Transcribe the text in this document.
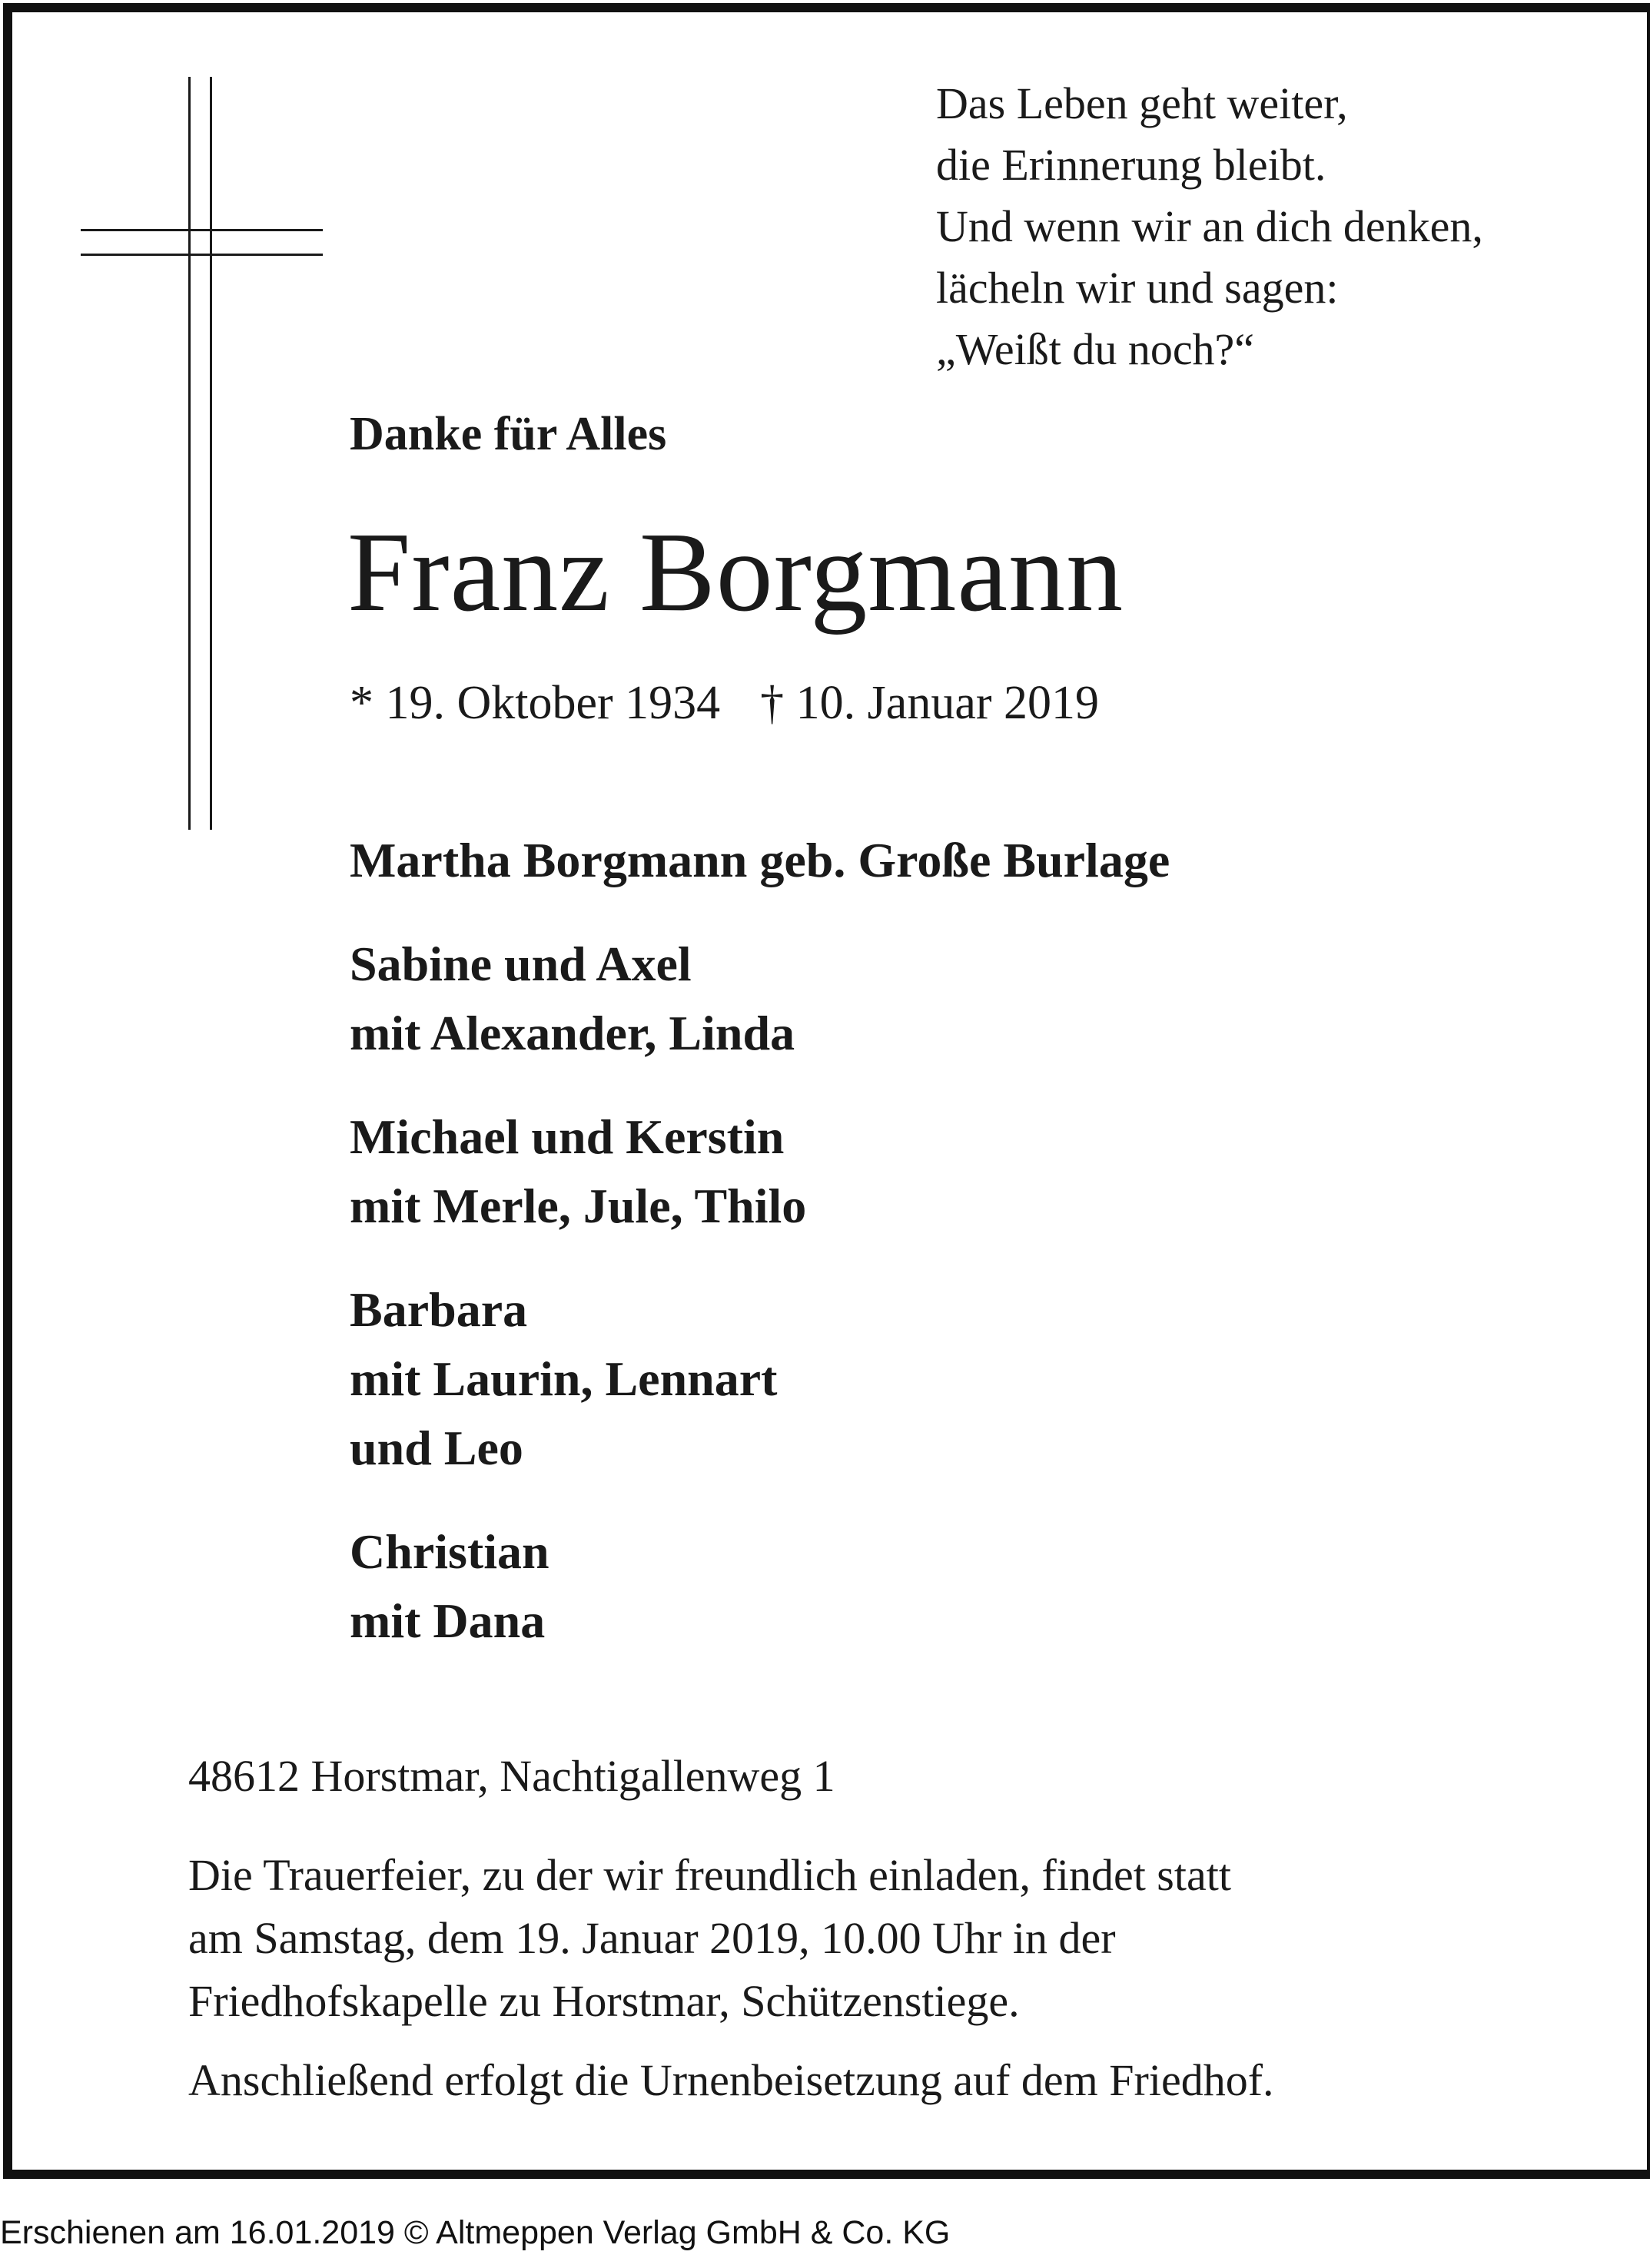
Das Leben geht weiter,
die Erinnerung bleibt.
Und wenn wir an dich denken,
lächeln wir und sagen:
„Weißt du noch?“
Danke für Alles
Franz Borgmann
* 19. Oktober 1934 † 10. Januar 2019
Martha Borgmann geb. Große Burlage
Sabine und Axel
mit Alexander, Linda
Michael und Kerstin
mit Merle, Jule, Thilo
Barbara
mit Laurin, Lennart
und Leo
Christian
mit Dana
48612 Horstmar, Nachtigallenweg 1
Die Trauerfeier, zu der wir freundlich einladen, findet statt
am Samstag, dem 19. Januar 2019, 10.00 Uhr in der
Friedhofskapelle zu Horstmar, Schützenstiege.
Anschließend erfolgt die Urnenbeisetzung auf dem Friedhof.
Erschienen am 16.01.2019 © Altmeppen Verlag GmbH & Co. KG
